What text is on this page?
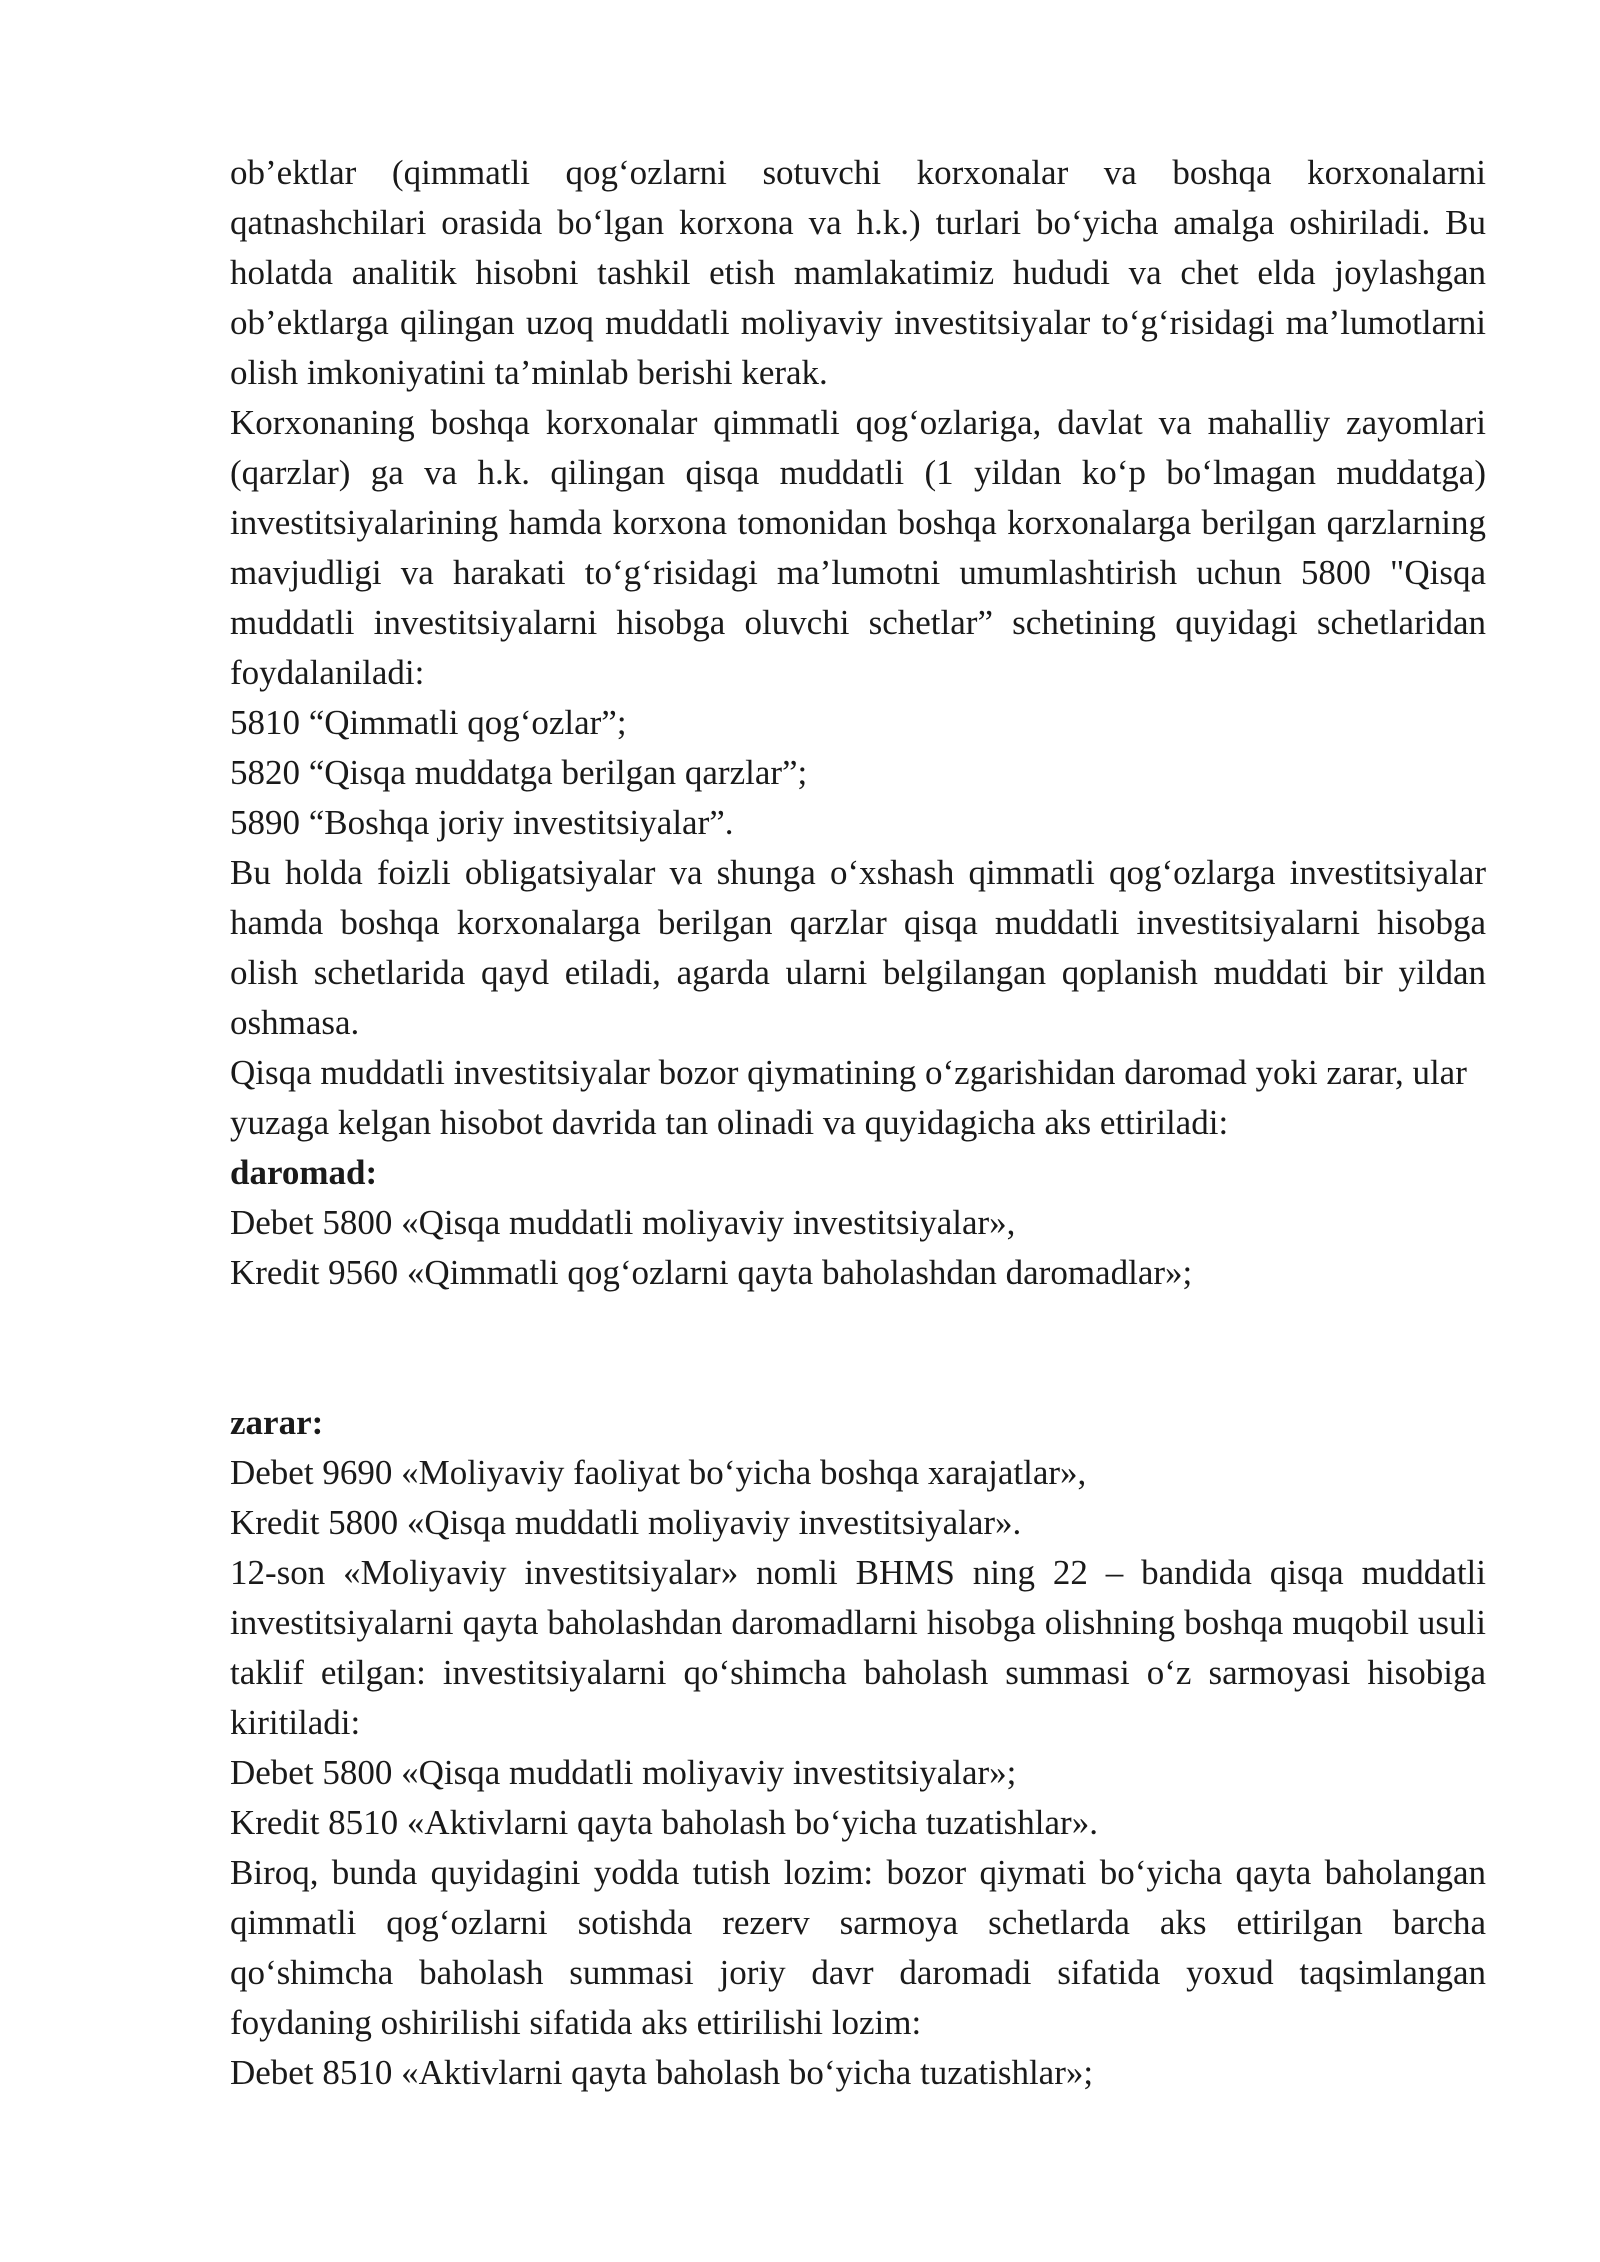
ob’ektlar (qimmatli qog‘ozlarni sotuvchi korxonalar va boshqa korxonalarni qatnashchilari orasida bo‘lgan korxona va h.k.) turlari bo‘yicha amalga oshiriladi. Bu holatda analitik hisobni tashkil etish mamlakatimiz hududi va chet elda joylashgan ob’ektlarga qilingan uzoq muddatli moliyaviy investitsiyalar to‘g‘risidagi ma’lumotlarni olish imkoniyatini ta’minlab berishi kerak.

Korxonaning boshqa korxonalar qimmatli qog‘ozlariga, davlat va mahalliy zayomlari (qarzlar) ga va h.k. qilingan qisqa muddatli (1 yildan ko‘p bo‘lmagan muddatga) investitsiyalarining hamda korxona tomonidan boshqa korxonalarga berilgan qarzlarning mavjudligi va harakati to‘g‘risidagi ma’lumotni umumlashtirish uchun 5800 "Qisqa muddatli investitsiyalarni hisobga oluvchi schetlar” schetining quyidagi schetlaridan foydalaniladi:

5810 “Qimmatli qog‘ozlar”;

5820 “Qisqa muddatga berilgan qarzlar”;

5890 “Boshqa joriy investitsiyalar”.

Bu holda foizli obligatsiyalar va shunga o‘xshash qimmatli qog‘ozlarga investitsiyalar hamda boshqa korxonalarga berilgan qarzlar qisqa muddatli investitsiyalarni hisobga olish schetlarida qayd etiladi, agarda ularni belgilangan qoplanish muddati bir yildan oshmasa.

Qisqa muddatli investitsiyalar bozor qiymatining o‘zgarishidan daromad yoki zarar, ular yuzaga kelgan hisobot davrida tan olinadi va quyidagicha aks ettiriladi:

daromad:

Debet 5800 «Qisqa muddatli moliyaviy investitsiyalar»,

Kredit 9560 «Qimmatli qog‘ozlarni qayta baholashdan daromadlar»;

zarar:

Debet 9690 «Moliyaviy faoliyat bo‘yicha boshqa xarajatlar»,

Kredit 5800 «Qisqa muddatli moliyaviy investitsiyalar».

12-son «Moliyaviy investitsiyalar» nomli BHMS ning 22 – bandida qisqa muddatli investitsiyalarni qayta baholashdan daromadlarni hisobga olishning boshqa muqobil usuli taklif etilgan: investitsiyalarni qo‘shimcha baholash summasi o‘z sarmoyasi hisobiga kiritiladi:

Debet 5800 «Qisqa muddatli moliyaviy investitsiyalar»;

Kredit 8510 «Aktivlarni qayta baholash bo‘yicha tuzatishlar».

Biroq, bunda quyidagini yodda tutish lozim: bozor qiymati bo‘yicha qayta baholangan qimmatli qog‘ozlarni sotishda rezerv sarmoya schetlarda aks ettirilgan barcha qo‘shimcha baholash summasi joriy davr daromadi sifatida yoxud taqsimlangan foydaning oshirilishi sifatida aks ettirilishi lozim:

Debet 8510 «Aktivlarni qayta baholash bo‘yicha tuzatishlar»;
